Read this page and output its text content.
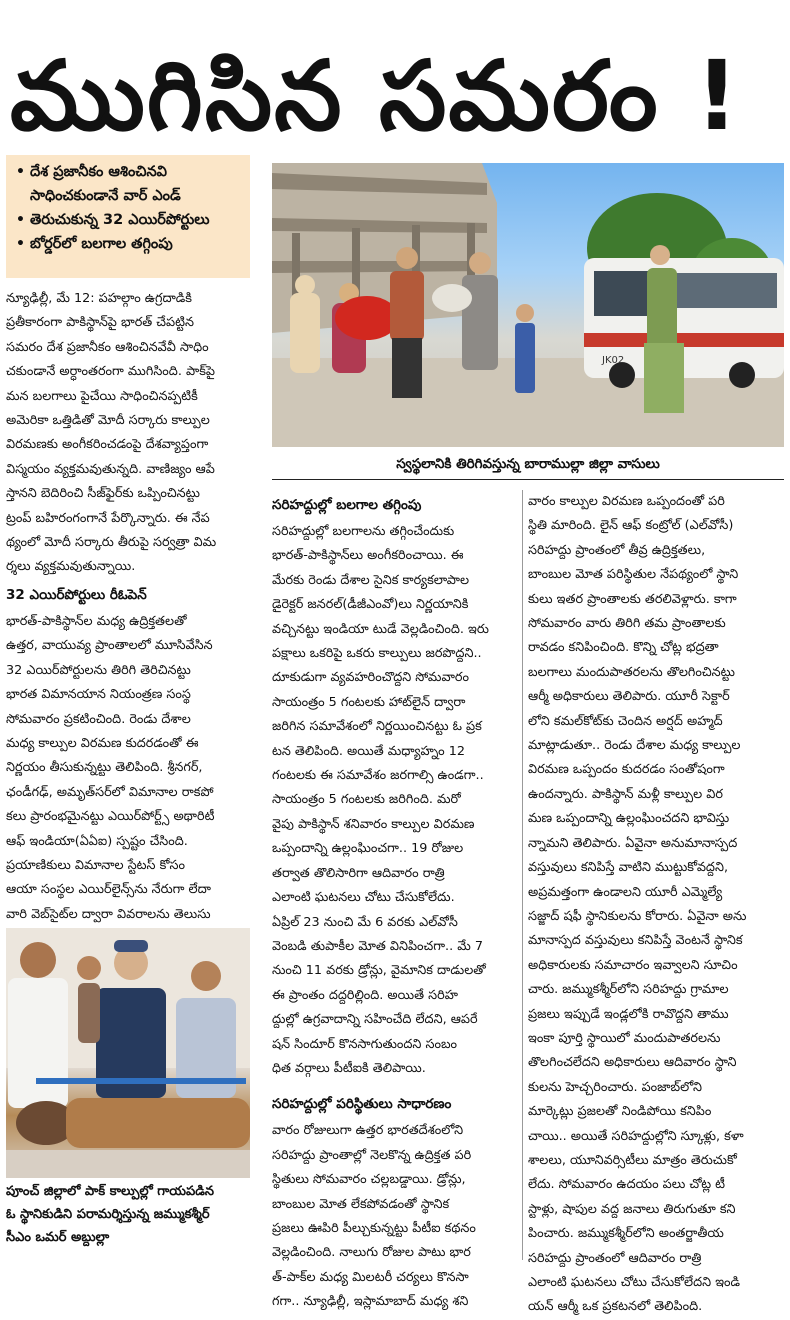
ముగిసిన సమరం !
• దేశ ప్రజానీకం ఆశించినవి
సాధించకుండానే వార్ ఎండ్
• తెరుచుకున్న 32 ఎయిర్‌పోర్టులు
• బోర్డర్‌లో బలగాల తగ్గింపు
న్యూఢిల్లీ, మే 12: పహల్గాం ఉగ్రదాడికి
ప్రతీకారంగా పాకిస్థాన్‌పై భారత్ చేపట్టిన
సమరం దేశ ప్రజానీకం ఆశించినవేవీ సాధిం
చకుండానే అర్ధాంతరంగా ముగిసింది. పాక్‌పై
మన బలగాలు పైచేయి సాధించినప్పటికీ
అమెరికా ఒత్తిడితో మోదీ సర్కారు కాల్పుల
విరమణకు అంగీకరించడంపై దేశవ్యాప్తంగా
విస్మయం వ్యక్తమవుతున్నది. వాణిజ్యం ఆపే
స్తానని బెదిరించి సీజ్‌ఫైర్‌కు ఒప్పించినట్టు
ట్రంప్ బహిరంగంగానే పేర్కొన్నారు. ఈ నేప
థ్యంలో మోదీ సర్కారు తీరుపై సర్వత్రా విమ
ర్శలు వ్యక్తమవుతున్నాయి.
32 ఎయిర్‌పోర్టులు రీఓపెన్
భారత్-పాకిస్థాన్‌ల మధ్య ఉద్రిక్తతలతో
ఉత్తర, వాయువ్య ప్రాంతాలలో మూసివేసిన
32 ఎయిర్‌పోర్టులను తిరిగి తెరిచినట్టు
భారత విమానయాన నియంత్రణ సంస్థ
సోమవారం ప్రకటించింది. రెండు దేశాల
మధ్య కాల్పుల విరమణ కుదరడంతో ఈ
నిర్ణయం తీసుకున్నట్టు తెలిపింది. శ్రీనగర్,
ఛండీగఢ్, అమృత్‌సర్‌లో విమానాల రాకపో
కలు ప్రారంభమైనట్టు ఎయిర్‌పోర్ట్స్ అథారిటీ
ఆఫ్ ఇండియా(ఏఏఐ) స్పష్టం చేసింది.
ప్రయాణికులు విమానాల స్టేటస్ కోసం
ఆయా సంస్థల ఎయిర్‌లైన్స్‌ను నేరుగా లేదా
వారి వెబ్‌సైట్‌ల ద్వారా వివరాలను తెలుసు
JK02
స్వస్థలానికి తిరిగివస్తున్న బారాముల్లా జిల్లా వాసులు
పూంచ్ జిల్లాలో పాక్ కాల్పుల్లో గాయపడిన
ఓ స్థానికుడిని పరామర్శిస్తున్న జమ్ముకశ్మీర్
సీఎం ఒమర్ అబ్దుల్లా
సరిహద్దుల్లో బలగాల తగ్గింపు
సరిహద్దుల్లో బలగాలను తగ్గించేందుకు
భారత్-పాకిస్థాన్‌లు అంగీకరించాయి. ఈ
మేరకు రెండు దేశాల సైనిక కార్యకలాపాల
డైరెక్టర్ జనరల్(డీజీఎంవో)లు నిర్ణయానికి
వచ్చినట్టు ఇండియా టుడే వెల్లడించింది. ఇరు
పక్షాలు ఒకరిపై ఒకరు కాల్పులు జరపొద్దని..
దూకుడుగా వ్యవహరించొద్దని సోమవారం
సాయంత్రం 5 గంటలకు హాట్‌లైన్ ద్వారా
జరిగిన సమావేశంలో నిర్ణయించినట్టు ఓ ప్రక
టన తెలిపింది. అయితే మధ్యాహ్నం 12
గంటలకు ఈ సమావేశం జరగాల్సి ఉండగా..
సాయంత్రం 5 గంటలకు జరిగింది. మరో
వైపు పాకిస్థాన్ శనివారం కాల్పుల విరమణ
ఒప్పందాన్ని ఉల్లంఘించగా.. 19 రోజుల
తర్వాత తొలిసారిగా ఆదివారం రాత్రి
ఎలాంటి ఘటనలు చోటు చేసుకోలేదు.
ఏప్రిల్ 23 నుంచి మే 6 వరకు ఎల్‌వోసీ
వెంబడి తుపాకీల మోత వినిపించగా.. మే 7
నుంచి 11 వరకు డ్రోన్లు, వైమానిక దాడులతో
ఈ ప్రాంతం దద్దరిల్లింది. అయితే సరిహ
ద్దుల్లో ఉగ్రవాదాన్ని సహించేది లేదని, ఆపరే
షన్ సిందూర్ కొనసాగుతుందని సంబం
ధిత వర్గాలు పీటీఐకి తెలిపాయి.
సరిహద్దుల్లో పరిస్థితులు సాధారణం
వారం రోజులుగా ఉత్తర భారతదేశంలోని
సరిహద్దు ప్రాంతాల్లో నెలకొన్న ఉద్రిక్తత పరి
స్థితులు సోమవారం చల్లబడ్డాయి. డ్రోన్లు,
బాంబుల మోత లేకపోవడంతో స్థానిక
ప్రజలు ఊపిరి పీల్చుకున్నట్టు పీటీఐ కథనం
వెల్లడించింది. నాలుగు రోజుల పాటు భార
త్-పాక్‌ల మధ్య మిలటరీ చర్యలు కొనసా
గగా.. న్యూఢిల్లీ, ఇస్లామాబాద్ మధ్య శని
వారం కాల్పుల విరమణ ఒప్పందంతో పరి
స్థితి మారింది. లైన్ ఆఫ్ కంట్రోల్ (ఎల్‌వోసీ)
సరిహద్దు ప్రాంతంలో తీవ్ర ఉద్రిక్తతలు,
బాంబుల మోత పరిస్థితుల నేపథ్యంలో స్థాని
కులు ఇతర ప్రాంతాలకు తరలివెళ్లారు. కాగా
సోమవారం వారు తిరిగి తమ ప్రాంతాలకు
రావడం కనిపించింది. కొన్ని చోట్ల భద్రతా
బలగాలు మందుపాతరలను తొలగించినట్టు
ఆర్మీ అధికారులు తెలిపారు. యూరీ సెక్టార్
లోని కమల్‌కోట్‌కు చెందిన అర్షద్ అహ్మద్
మాట్లాడుతూ.. రెండు దేశాల మధ్య కాల్పుల
విరమణ ఒప్పందం కుదరడం సంతోషంగా
ఉందన్నారు. పాకిస్థాన్ మళ్లీ కాల్పుల విర
మణ ఒప్పందాన్ని ఉల్లంఘించదని భావిస్తు
న్నామని తెలిపారు. ఏవైనా అనుమానాస్పద
వస్తువులు కనిపిస్తే వాటిని ముట్టుకోవద్దని,
అప్రమత్తంగా ఉండాలని యూరీ ఎమ్మెల్యే
సజ్జాద్ షఫీ స్థానికులను కోరారు. ఏవైనా అను
మానాస్పద వస్తువులు కనిపిస్తే వెంటనే స్థానిక
అధికారులకు సమాచారం ఇవ్వాలని సూచిం
చారు. జమ్ముకశ్మీర్‌లోని సరిహద్దు గ్రామాల
ప్రజలు ఇప్పుడే ఇండ్లలోకి రావొద్దని తాము
ఇంకా పూర్తి స్థాయిలో మందుపాతరలను
తొలగించలేదని అధికారులు ఆదివారం స్థాని
కులను హెచ్చరించారు. పంజాబ్‌లోని
మార్కెట్లు ప్రజలతో నిండిపోయి కనిపిం
చాయి.. అయితే సరిహద్దుల్లోని స్కూళ్లు, కళా
శాలలు, యూనివర్సిటీలు మాత్రం తెరుచుకో
లేదు. సోమవారం ఉదయం పలు చోట్ల టీ
స్టాళ్లు, షాపుల వద్ద జనాలు తిరుగుతూ కని
పించారు. జమ్ముకశ్మీర్‌లోని అంతర్జాతీయ
సరిహద్దు ప్రాంతంలో ఆదివారం రాత్రి
ఎలాంటి ఘటనలు చోటు చేసుకోలేదని ఇండి
యన్ ఆర్మీ ఒక ప్రకటనలో తెలిపింది.
